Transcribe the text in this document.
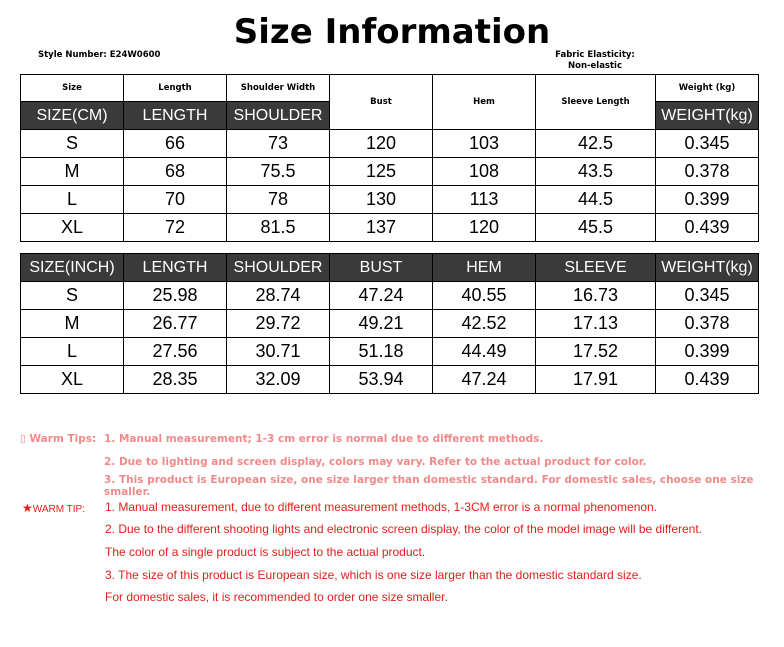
Size Information
Style Number: E24W0600	Fabric Elasticity:
Non-elastic
Size	Length	Shoulder Width	Bust	Hem	Sleeve Length	Weight (kg)
SIZE(CM)	LENGTH	SHOULDER				WEIGHT(kg)
S	66	73	120	103	42.5	0.345
M	68	75.5	125	108	43.5	0.378
L	70	78	130	113	44.5	0.399
XL	72	81.5	137	120	45.5	0.439
SIZE(INCH)	LENGTH	SHOULDER	BUST	HEM	SLEEVE	WEIGHT(kg)
S	25.98	28.74	47.24	40.55	16.73	0.345
M	26.77	29.72	49.21	42.52	17.13	0.378
L	27.56	30.71	51.18	44.49	17.52	0.399
XL	28.35	32.09	53.94	47.24	17.91	0.439
▯ Warm Tips: 1. Manual measurement; 1-3 cm error is normal due to different methods.
2. Due to lighting and screen display, colors may vary. Refer to the actual product for color.
3. This product is European size, one size larger than domestic standard. For domestic sales, choose one size smaller.
★WARM TIP: 1. Manual measurement, due to different measurement methods, 1-3CM error is a normal phenomenon.
2. Due to the different shooting lights and electronic screen display, the color of the model image will be different.
The color of a single product is subject to the actual product.
3. The size of this product is European size, which is one size larger than the domestic standard size.
For domestic sales, it is recommended to order one size smaller.
